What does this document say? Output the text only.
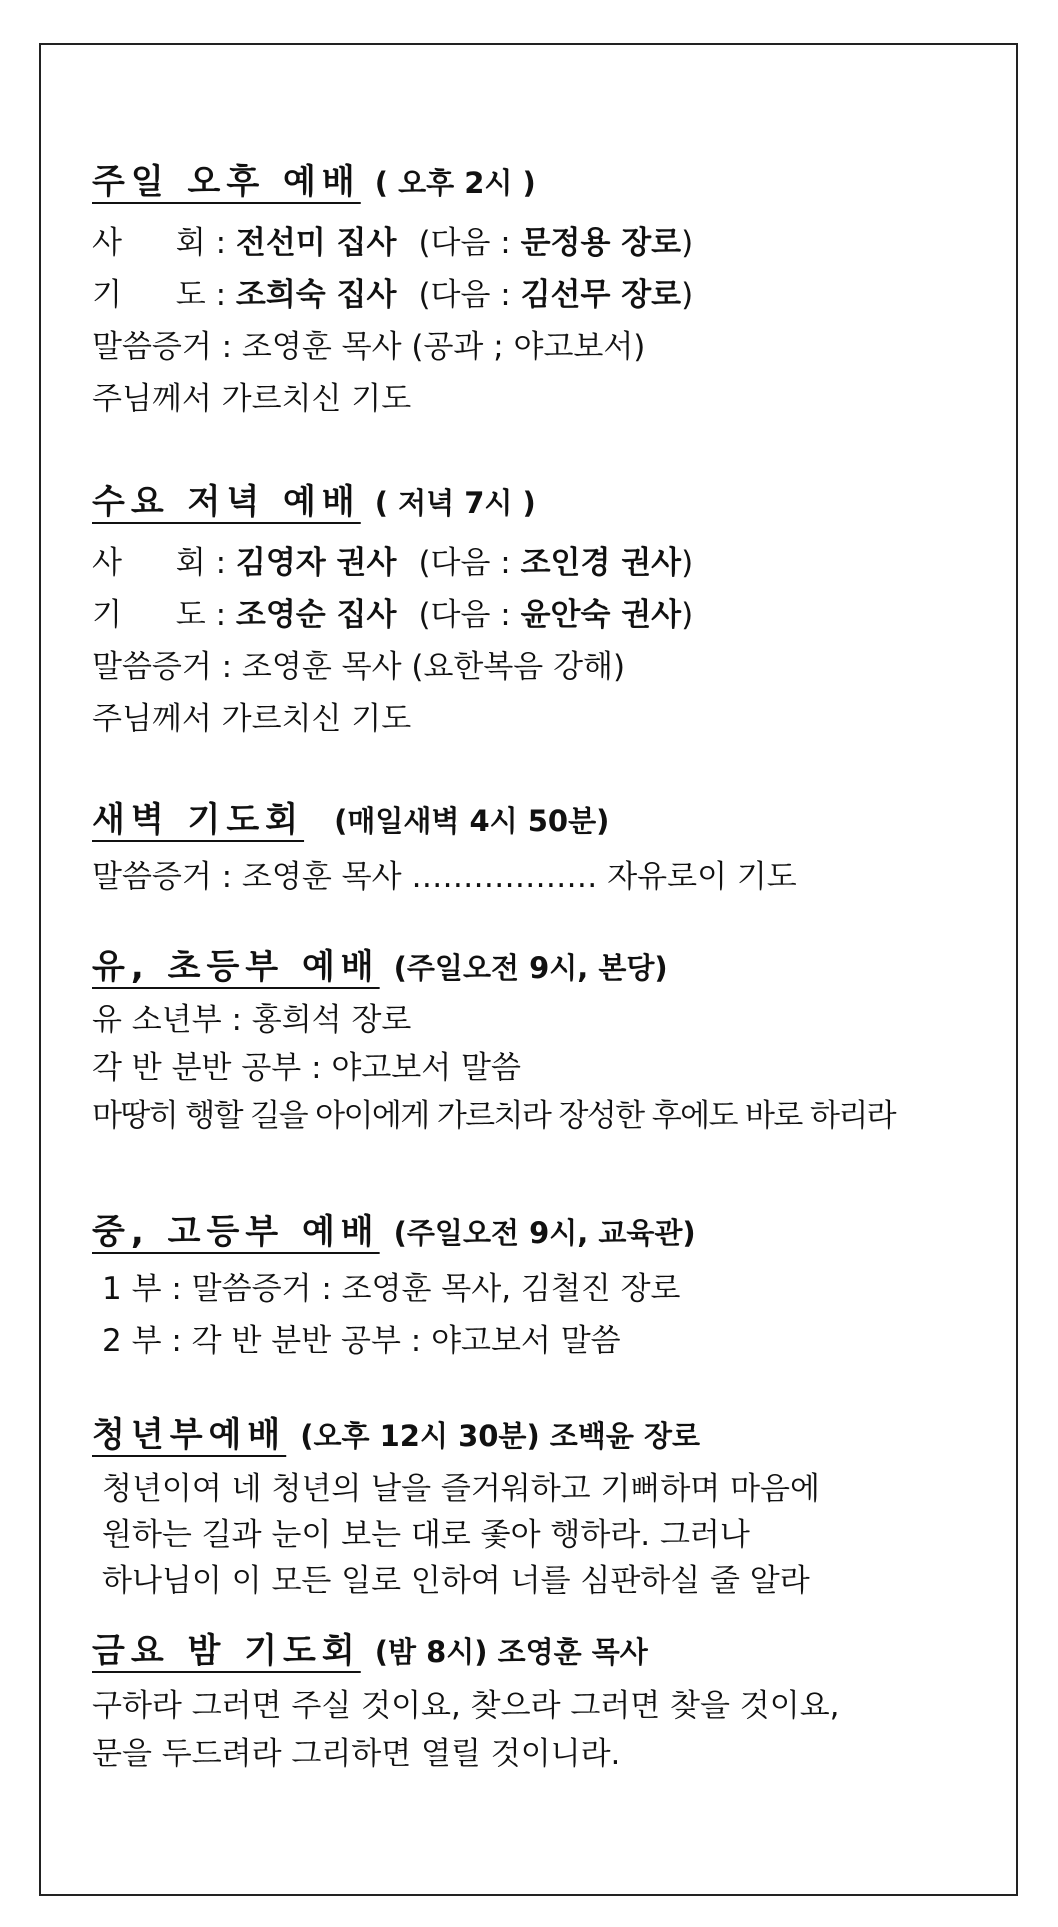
주일 오후 예배 ( 오후 2시 )
사 회 : 전선미 집사 (다음 : 문정용 장로)
기 도 : 조희숙 집사 (다음 : 김선무 장로)
말씀증거 : 조영훈 목사 (공과 ; 야고보서)
주님께서 가르치신 기도
수요 저녁 예배 ( 저녁 7시 )
사 회 : 김영자 권사 (다음 : 조인경 권사)
기 도 : 조영순 집사 (다음 : 윤안숙 권사)
말씀증거 : 조영훈 목사 (요한복음 강해)
주님께서 가르치신 기도
새벽 기도회 (매일새벽 4시 50분)
말씀증거 : 조영훈 목사 ……………… 자유로이 기도
유, 초등부 예배 (주일오전 9시, 본당)
유 소년부 : 홍희석 장로
각 반 분반 공부 : 야고보서 말씀
마땅히 행할 길을 아이에게 가르치라 장성한 후에도 바로 하리라
중, 고등부 예배 (주일오전 9시, 교육관)
1 부 : 말씀증거 : 조영훈 목사, 김철진 장로
2 부 : 각 반 분반 공부 : 야고보서 말씀
청년부예배 (오후 12시 30분) 조백윤 장로
청년이여 네 청년의 날을 즐거워하고 기뻐하며 마음에
원하는 길과 눈이 보는 대로 좇아 행하라. 그러나
하나님이 이 모든 일로 인하여 너를 심판하실 줄 알라
금요 밤 기도회 (밤 8시) 조영훈 목사
구하라 그러면 주실 것이요, 찾으라 그러면 찾을 것이요,
문을 두드려라 그리하면 열릴 것이니라.
